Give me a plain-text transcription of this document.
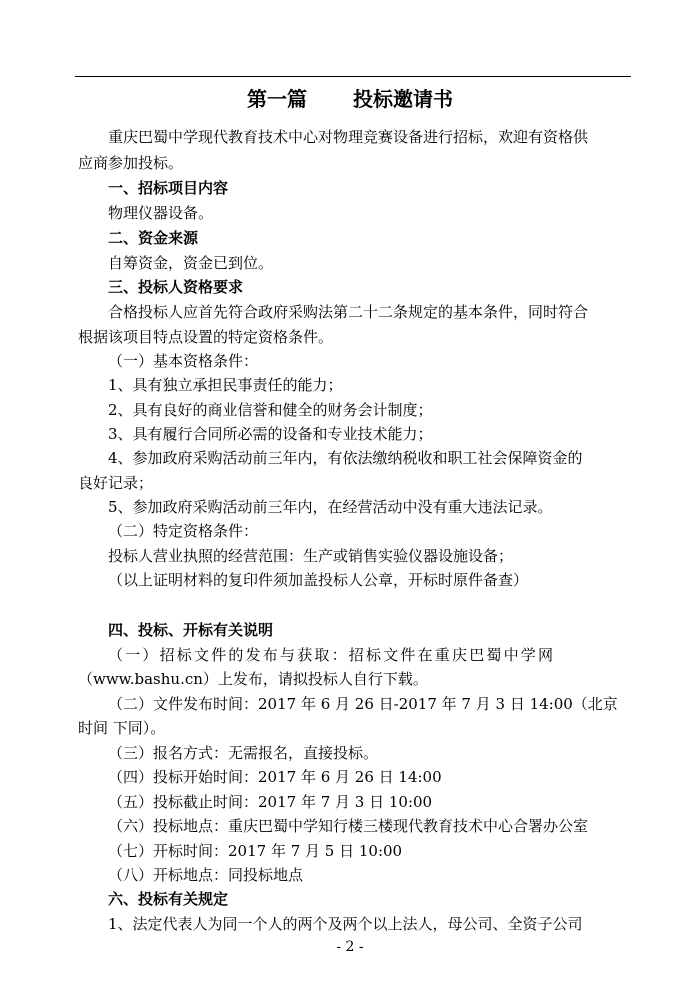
第一篇 投标邀请书
重庆巴蜀中学现代教育技术中心对物理竞赛设备进行招标，欢迎有资格供
应商参加投标。
一、招标项目内容
物理仪器设备。
二、资金来源
自筹资金，资金已到位。
三、投标人资格要求
合格投标人应首先符合政府采购法第二十二条规定的基本条件，同时符合
根据该项目特点设置的特定资格条件。
（一）基本资格条件：
1、具有独立承担民事责任的能力；
2、具有良好的商业信誉和健全的财务会计制度；
3、具有履行合同所必需的设备和专业技术能力；
4、参加政府采购活动前三年内，有依法缴纳税收和职工社会保障资金的
良好记录；
5、参加政府采购活动前三年内，在经营活动中没有重大违法记录。
（二）特定资格条件：
投标人营业执照的经营范围：生产或销售实验仪器设施设备；
（以上证明材料的复印件须加盖投标人公章，开标时原件备查）
四、投标、开标有关说明
（一）招标文件的发布与获取：招标文件在重庆巴蜀中学网
（www.bashu.cn）上发布，请拟投标人自行下载。
（二）文件发布时间：2017 年 6 月 26 日-2017 年 7 月 3 日 14:00（北京
时间 下同）。
（三）报名方式：无需报名，直接投标。
（四）投标开始时间：2017 年 6 月 26 日 14:00
（五）投标截止时间：2017 年 7 月 3 日 10:00
（六）投标地点：重庆巴蜀中学知行楼三楼现代教育技术中心合署办公室
（七）开标时间：2017 年 7 月 5 日 10:00
（八）开标地点：同投标地点
六、投标有关规定
1、法定代表人为同一个人的两个及两个以上法人，母公司、全资子公司
- 2 -
